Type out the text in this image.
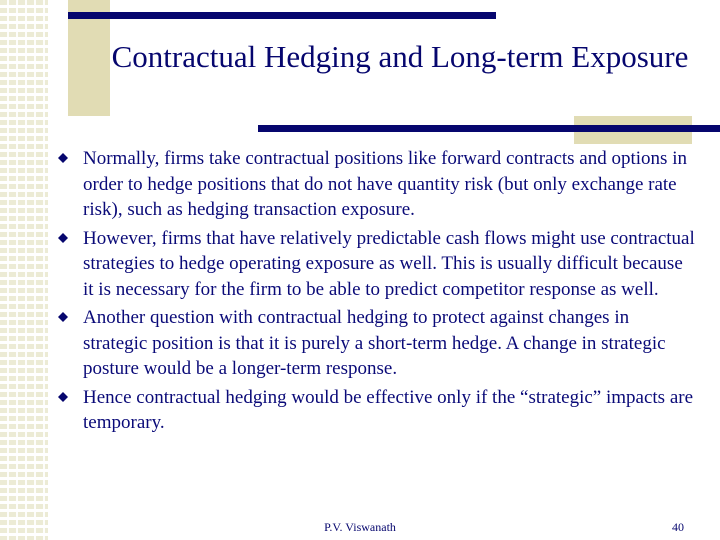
Contractual Hedging and Long-term Exposure
Normally, firms take contractual positions like forward contracts and options in order to hedge positions that do not have quantity risk (but only exchange rate risk), such as hedging transaction exposure.
However, firms that have relatively predictable cash flows might use contractual strategies to hedge operating exposure as well. This is usually difficult because it is necessary for the firm to be able to predict competitor response as well.
Another question with contractual hedging to protect against changes in strategic position is that it is purely a short-term hedge. A change in strategic posture would be a longer-term response.
Hence contractual hedging would be effective only if the “strategic” impacts are temporary.
P.V. Viswanath	40
